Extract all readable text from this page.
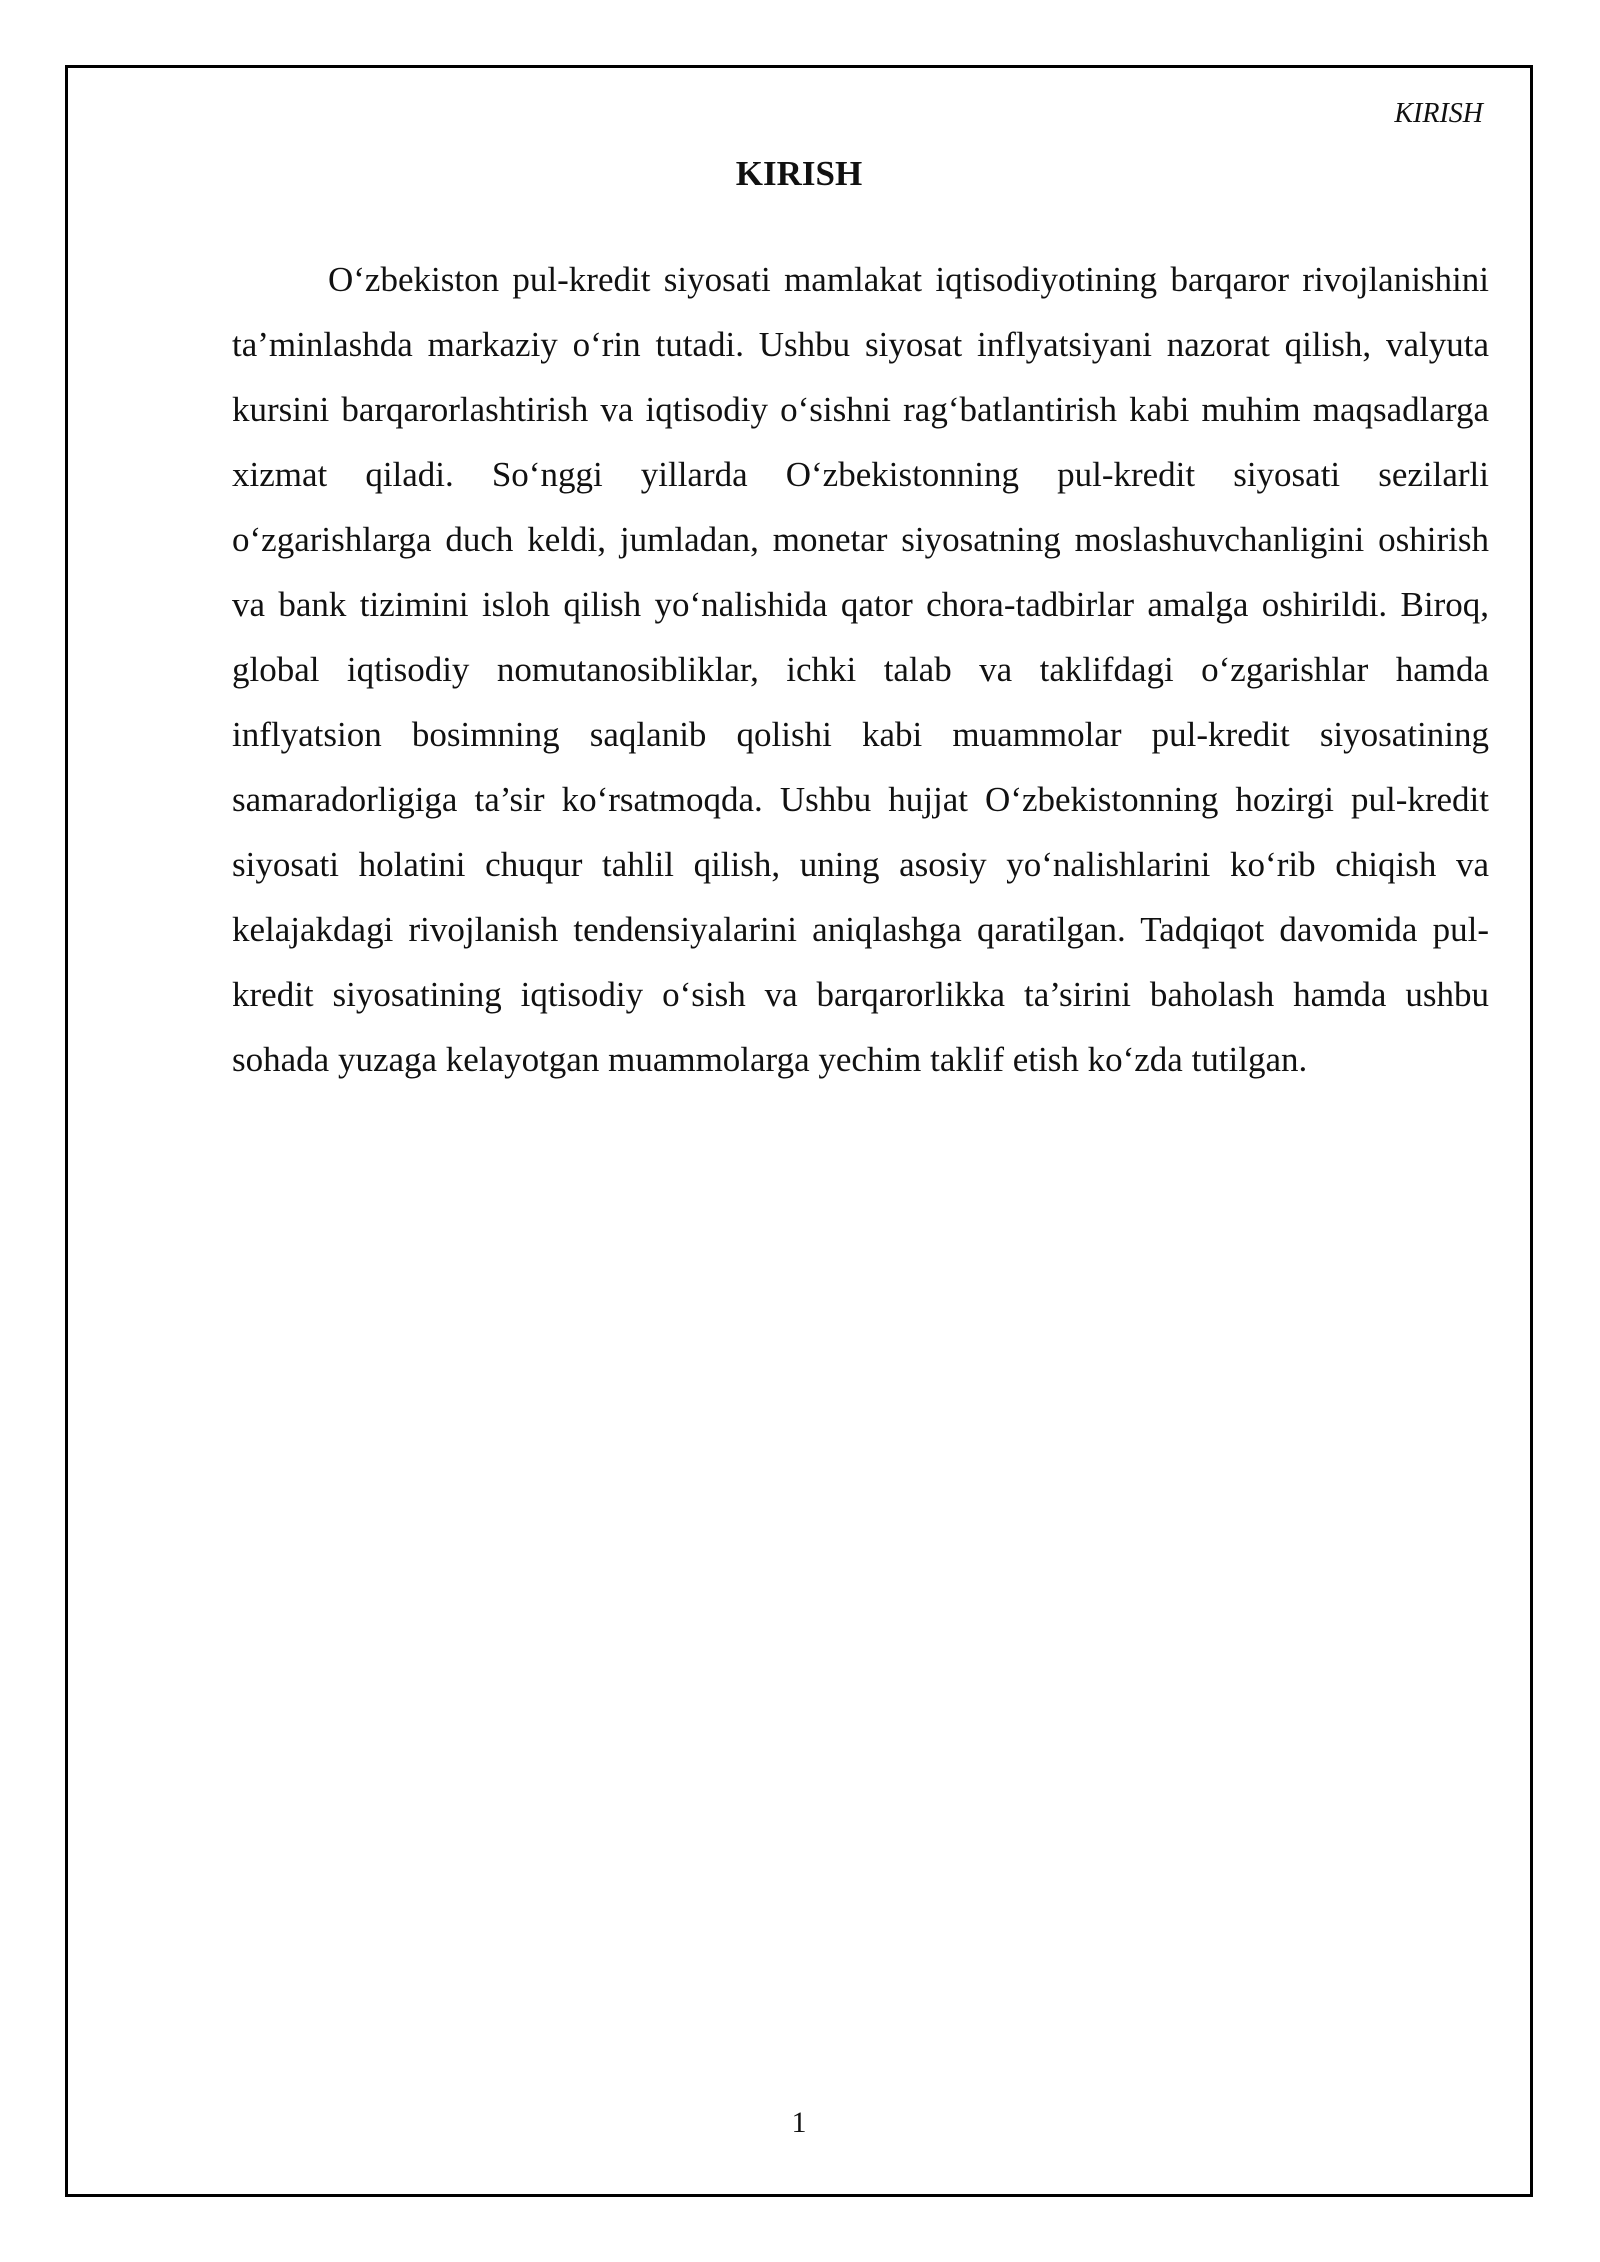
KIRISH
KIRISH

O‘zbekiston pul-kredit siyosati mamlakat iqtisodiyotining barqaror rivojlanishini ta’minlashda markaziy o‘rin tutadi. Ushbu siyosat inflyatsiyani nazorat qilish, valyuta kursini barqarorlashtirish va iqtisodiy o‘sishni rag‘batlantirish kabi muhim maqsadlarga xizmat qiladi. So‘nggi yillarda O‘zbekistonning pul-kredit siyosati sezilarli o‘zgarishlarga duch keldi, jumladan, monetar siyosatning moslashuvchanligini oshirish va bank tizimini isloh qilish yo‘nalishida qator chora-tadbirlar amalga oshirildi. Biroq, global iqtisodiy nomutanosibliklar, ichki talab va taklifdagi o‘zgarishlar hamda inflyatsion bosimning saqlanib qolishi kabi muammolar pul-kredit siyosatining samaradorligiga ta’sir ko‘rsatmoqda. Ushbu hujjat O‘zbekistonning hozirgi pul-kredit siyosati holatini chuqur tahlil qilish, uning asosiy yo‘nalishlarini ko‘rib chiqish va kelajakdagi rivojlanish tendensiyalarini aniqlashga qaratilgan. Tadqiqot davomida pul-kredit siyosatining iqtisodiy o‘sish va barqarorlikka ta’sirini baholash hamda ushbu sohada yuzaga kelayotgan muammolarga yechim taklif etish ko‘zda tutilgan.

1
